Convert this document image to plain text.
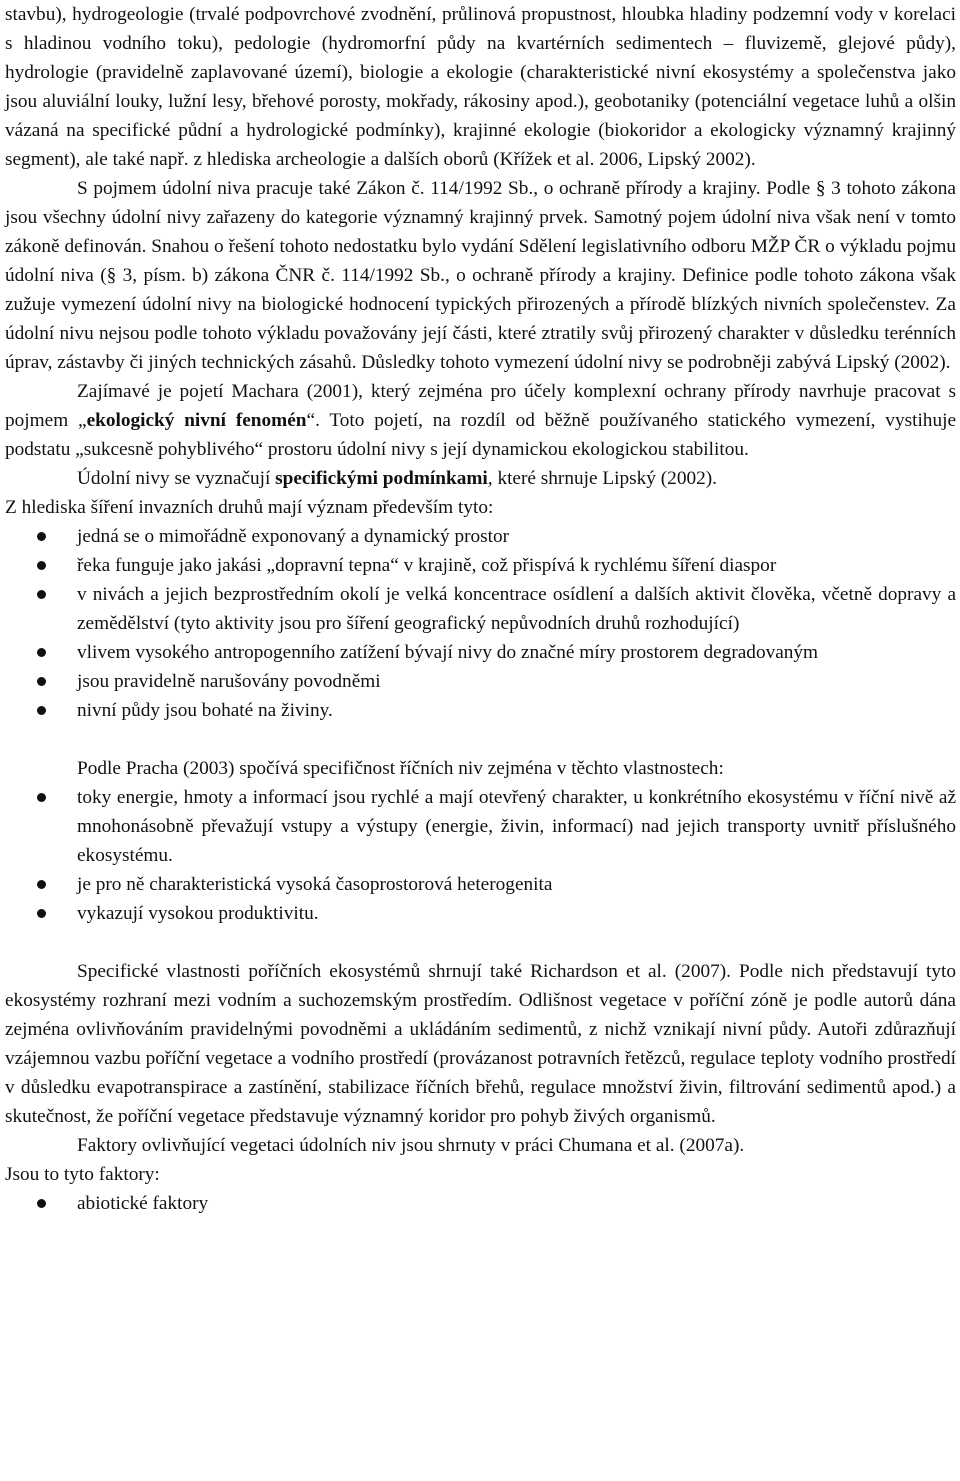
stavbu), hydrogeologie (trvalé podpovrchové zvodnění, průlinová propustnost, hloubka hladiny podzemní vody v korelaci s hladinou vodního toku), pedologie (hydromorfní půdy na kvartérních sedimentech – fluvizemě, glejové půdy), hydrologie (pravidelně zaplavované území), biologie a ekologie (charakteristické nivní ekosystémy a společenstva jako jsou aluviální louky, lužní lesy, břehové porosty, mokřady, rákosiny apod.), geobotaniky (potenciální vegetace luhů a olšin vázaná na specifické půdní a hydrologické podmínky), krajinné ekologie (biokoridor a ekologicky významný krajinný segment), ale také např. z hlediska archeologie a dalších oborů (Křížek et al. 2006, Lipský 2002).

S pojmem údolní niva pracuje také Zákon č. 114/1992 Sb., o ochraně přírody a krajiny. Podle § 3 tohoto zákona jsou všechny údolní nivy zařazeny do kategorie významný krajinný prvek. Samotný pojem údolní niva však není v tomto zákoně definován. Snahou o řešení tohoto nedostatku bylo vydání Sdělení legislativního odboru MŽP ČR o výkladu pojmu údolní niva (§ 3, písm. b) zákona ČNR č. 114/1992 Sb., o ochraně přírody a krajiny. Definice podle tohoto zákona však zužuje vymezení údolní nivy na biologické hodnocení typických přirozených a přírodě blízkých nivních společenstev. Za údolní nivu nejsou podle tohoto výkladu považovány její části, které ztratily svůj přirozený charakter v důsledku terénních úprav, zástavby či jiných technických zásahů. Důsledky tohoto vymezení údolní nivy se podrobněji zabývá Lipský (2002).

Zajímavé je pojetí Machara (2001), který zejména pro účely komplexní ochrany přírody navrhuje pracovat s pojmem „ekologický nivní fenomén“. Toto pojetí, na rozdíl od běžně používaného statického vymezení, vystihuje podstatu „sukcesně pohyblivého“ prostoru údolní nivy s její dynamickou ekologickou stabilitou.

Údolní nivy se vyznačují specifickými podmínkami, které shrnuje Lipský (2002).

Z hlediska šíření invazních druhů mají význam především tyto:

jedná se o mimořádně exponovaný a dynamický prostor
řeka funguje jako jakási „dopravní tepna“ v krajině, což přispívá k rychlému šíření diaspor
v nivách a jejich bezprostředním okolí je velká koncentrace osídlení a dalších aktivit člověka, včetně dopravy a zemědělství (tyto aktivity jsou pro šíření geografický nepůvodních druhů rozhodující)
vlivem vysokého antropogenního zatížení bývají nivy do značné míry prostorem degradovaným
jsou pravidelně narušovány povodněmi
nivní půdy jsou bohaté na živiny.

Podle Pracha (2003) spočívá specifičnost říčních niv zejména v těchto vlastnostech:

toky energie, hmoty a informací jsou rychlé a mají otevřený charakter, u konkrétního ekosystému v říční nivě až mnohonásobně převažují vstupy a výstupy (energie, živin, informací) nad jejich transporty uvnitř příslušného ekosystému.
je pro ně charakteristická vysoká časoprostorová heterogenita
vykazují vysokou produktivitu.

Specifické vlastnosti poříčních ekosystémů shrnují také Richardson et al. (2007). Podle nich představují tyto ekosystémy rozhraní mezi vodním a suchozemským prostředím. Odlišnost vegetace v poříční zóně je podle autorů dána zejména ovlivňováním pravidelnými povodněmi a ukládáním sedimentů, z nichž vznikají nivní půdy. Autoři zdůrazňují vzájemnou vazbu poříční vegetace a vodního prostředí (provázanost potravních řetězců, regulace teploty vodního prostředí v důsledku evapotranspirace a zastínění, stabilizace říčních břehů, regulace množství živin, filtrování sedimentů apod.) a skutečnost, že poříční vegetace představuje významný koridor pro pohyb živých organismů.

Faktory ovlivňující vegetaci údolních niv jsou shrnuty v práci Chumana et al. (2007a).

Jsou to tyto faktory:

abiotické faktory
